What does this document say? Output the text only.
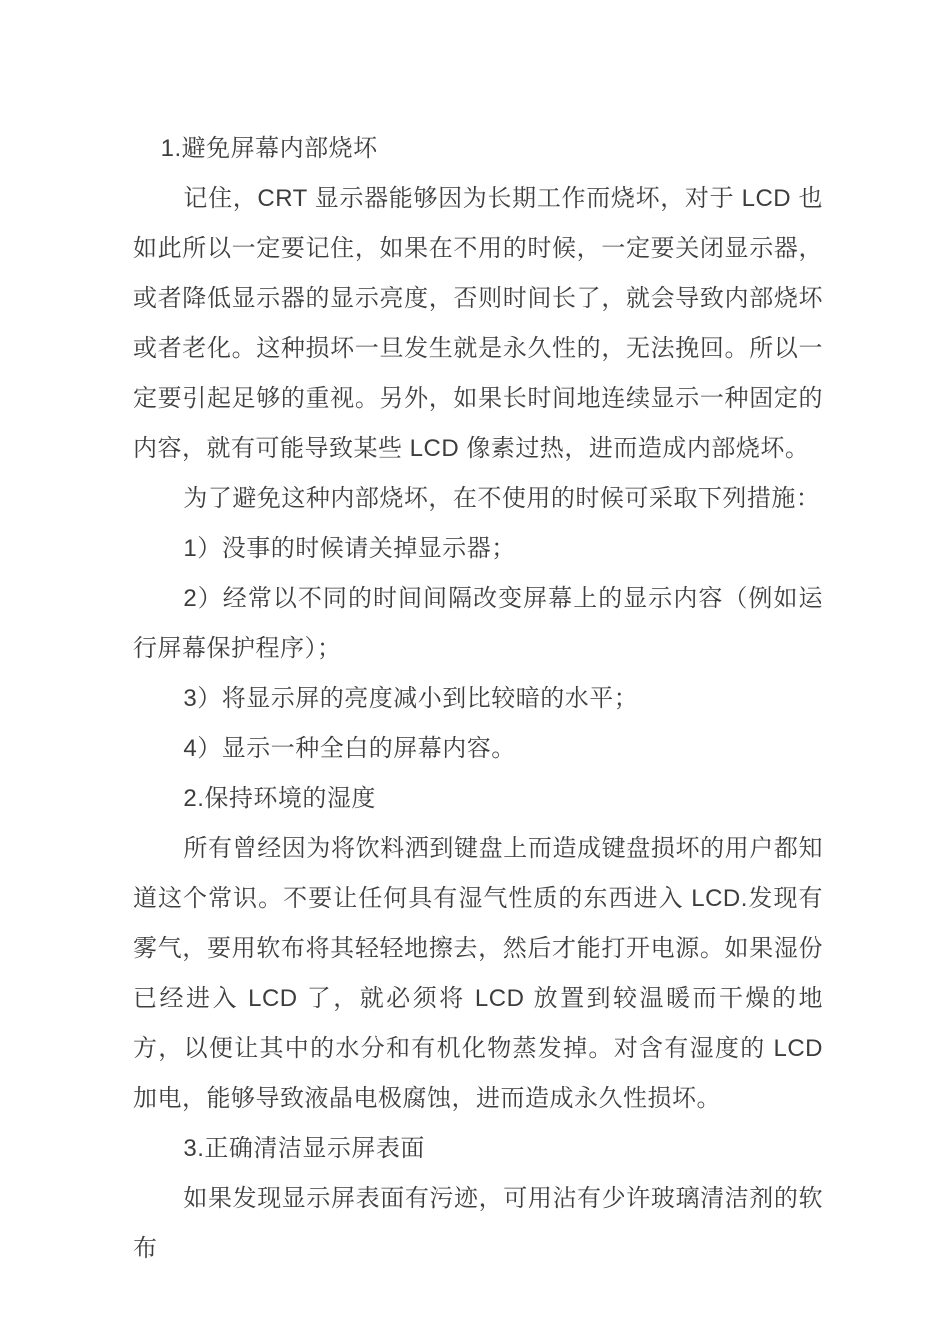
1.避免屏幕内部烧坏

记住，CRT 显示器能够因为长期工作而烧坏，对于 LCD 也如此所以一定要记住，如果在不用的时候，一定要关闭显示器，或者降低显示器的显示亮度，否则时间长了，就会导致内部烧坏或者老化。这种损坏一旦发生就是永久性的，无法挽回。所以一定要引起足够的重视。另外，如果长时间地连续显示一种固定的内容，就有可能导致某些 LCD 像素过热，进而造成内部烧坏。

为了避免这种内部烧坏，在不使用的时候可采取下列措施：

1）没事的时候请关掉显示器；

2）经常以不同的时间间隔改变屏幕上的显示内容（例如运行屏幕保护程序）；

3）将显示屏的亮度减小到比较暗的水平；

4）显示一种全白的屏幕内容。

2.保持环境的湿度

所有曾经因为将饮料洒到键盘上而造成键盘损坏的用户都知道这个常识。不要让任何具有湿气性质的东西进入 LCD.发现有雾气，要用软布将其轻轻地擦去，然后才能打开电源。如果湿份已经进入 LCD 了，就必须将 LCD 放置到较温暖而干燥的地方，以便让其中的水分和有机化物蒸发掉。对含有湿度的 LCD 加电，能够导致液晶电极腐蚀，进而造成永久性损坏。

3.正确清洁显示屏表面

如果发现显示屏表面有污迹，可用沾有少许玻璃清洁剂的软布
